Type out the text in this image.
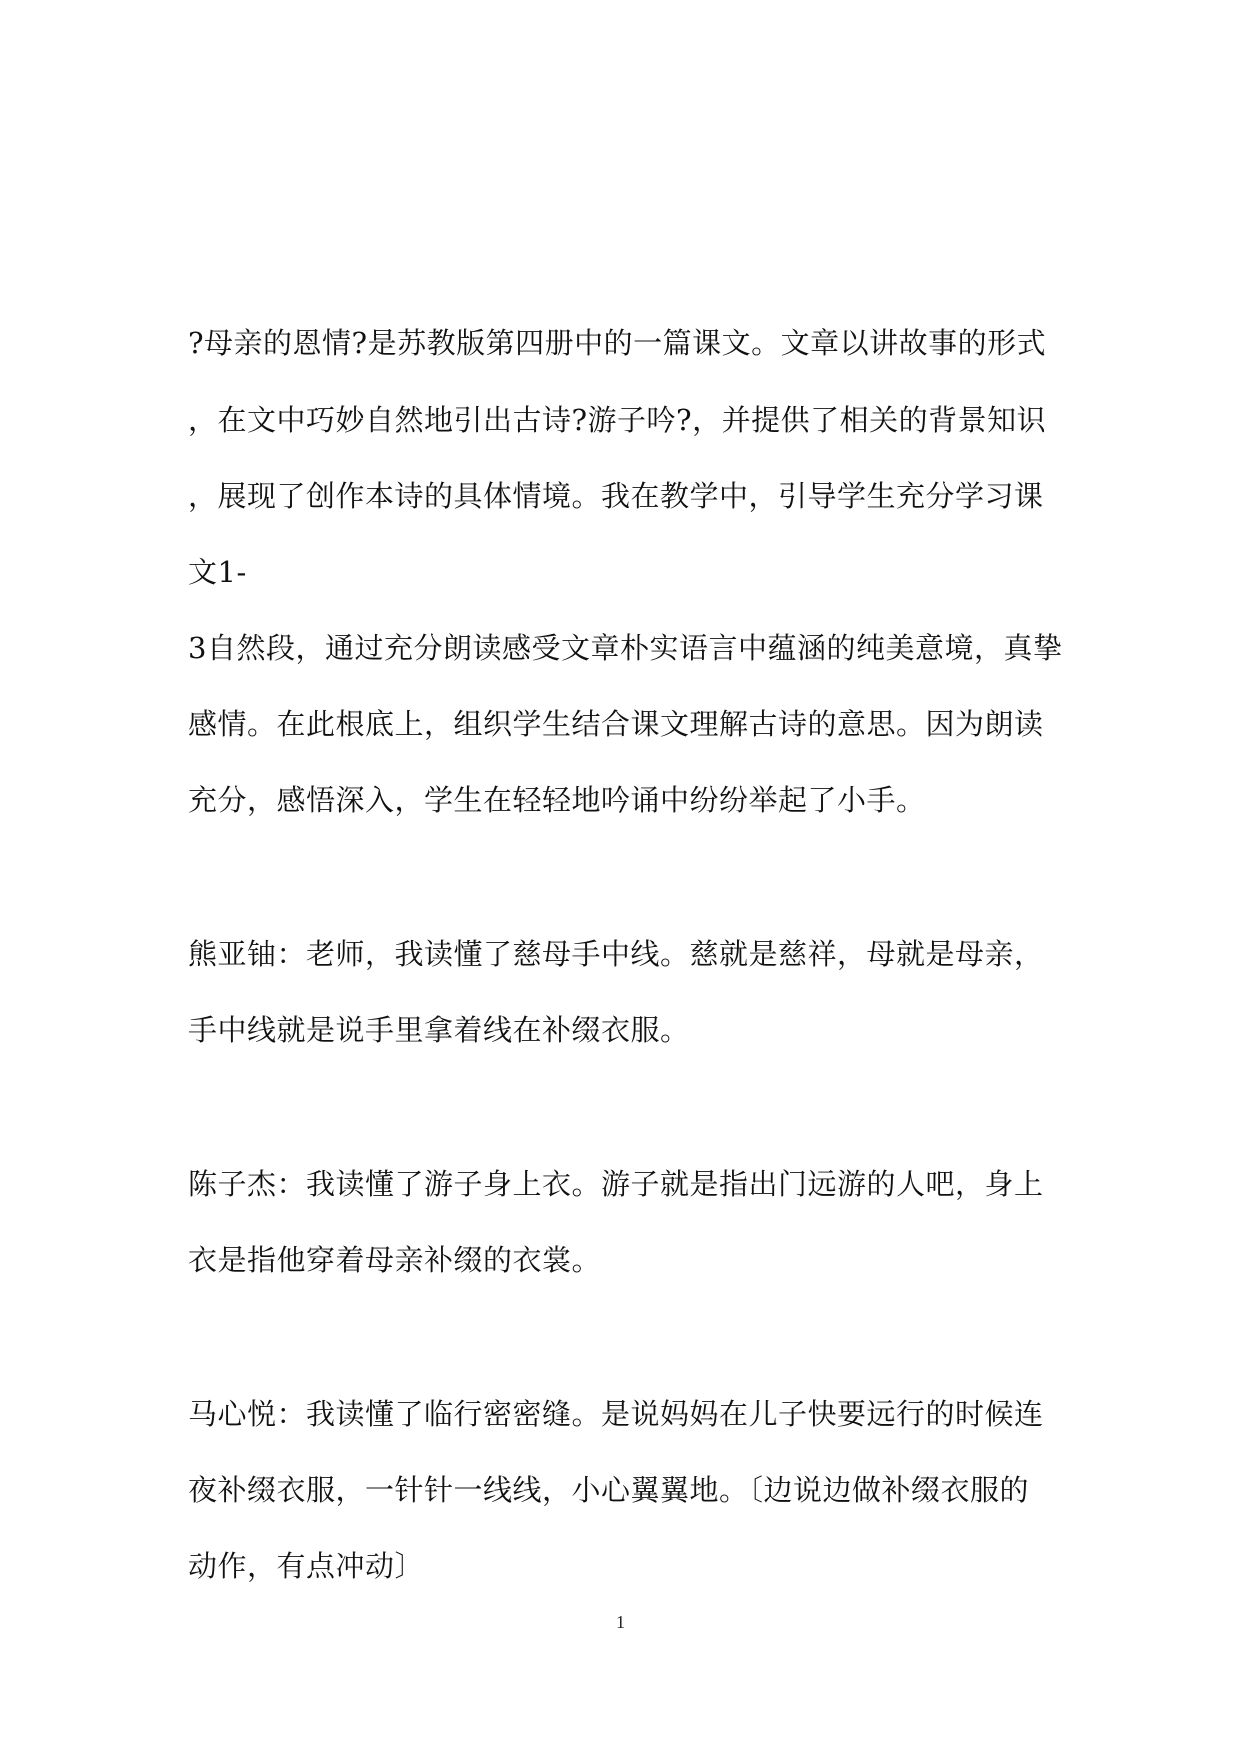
?母亲的恩情?是苏教版第四册中的一篇课文。文章以讲故事的形式
，在文中巧妙自然地引出古诗?游子吟?，并提供了相关的背景知识
，展现了创作本诗的具体情境。我在教学中，引导学生充分学习课
文1-
3自然段，通过充分朗读感受文章朴实语言中蕴涵的纯美意境，真挚
感情。在此根底上，组织学生结合课文理解古诗的意思。因为朗读
充分，感悟深入，学生在轻轻地吟诵中纷纷举起了小手。
熊亚铀：老师，我读懂了慈母手中线。慈就是慈祥，母就是母亲，
手中线就是说手里拿着线在补缀衣服。
陈子杰：我读懂了游子身上衣。游子就是指出门远游的人吧，身上
衣是指他穿着母亲补缀的衣裳。
马心悦：我读懂了临行密密缝。是说妈妈在儿子快要远行的时候连
夜补缀衣服，一针针一线线，小心翼翼地。〔边说边做补缀衣服的
动作，有点冲动〕
1
